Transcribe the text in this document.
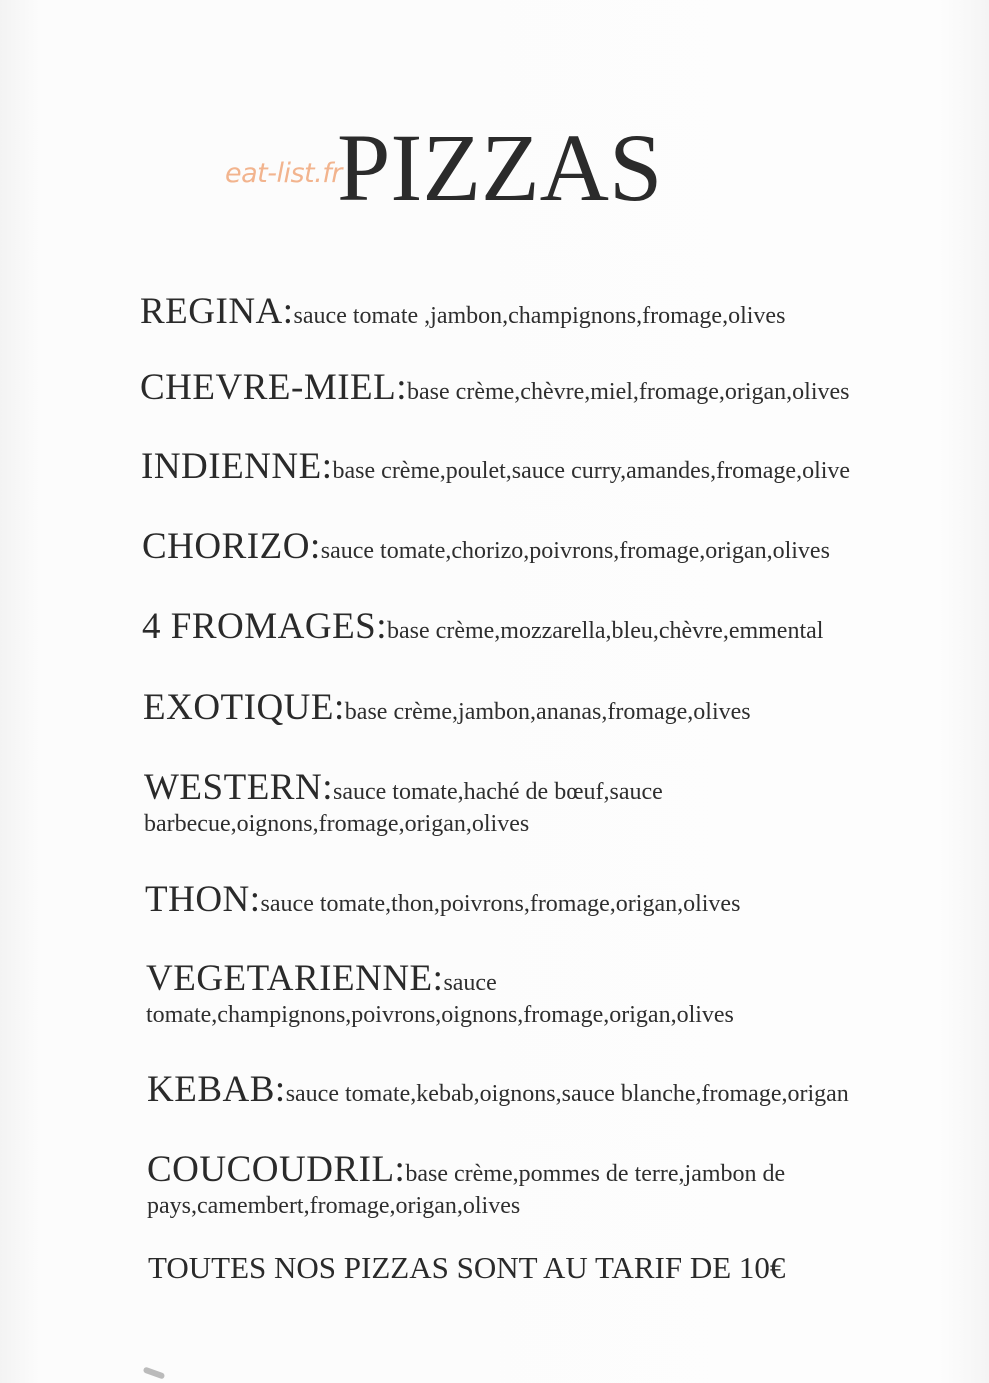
eat-list.fr
PIZZAS
REGINA:sauce tomate ,jambon,champignons,fromage,olives
CHEVRE-MIEL:base crème,chèvre,miel,fromage,origan,olives
INDIENNE:base crème,poulet,sauce curry,amandes,fromage,olive
CHORIZO:sauce tomate,chorizo,poivrons,fromage,origan,olives
4 FROMAGES:base crème,mozzarella,bleu,chèvre,emmental
EXOTIQUE:base crème,jambon,ananas,fromage,olives
WESTERN:sauce tomate,haché de bœuf,sauce
barbecue,oignons,fromage,origan,olives
THON:sauce tomate,thon,poivrons,fromage,origan,olives
VEGETARIENNE:sauce
tomate,champignons,poivrons,oignons,fromage,origan,olives
KEBAB:sauce tomate,kebab,oignons,sauce blanche,fromage,origan
COUCOUDRIL:base crème,pommes de terre,jambon de
pays,camembert,fromage,origan,olives
TOUTES NOS PIZZAS SONT AU TARIF DE 10€
